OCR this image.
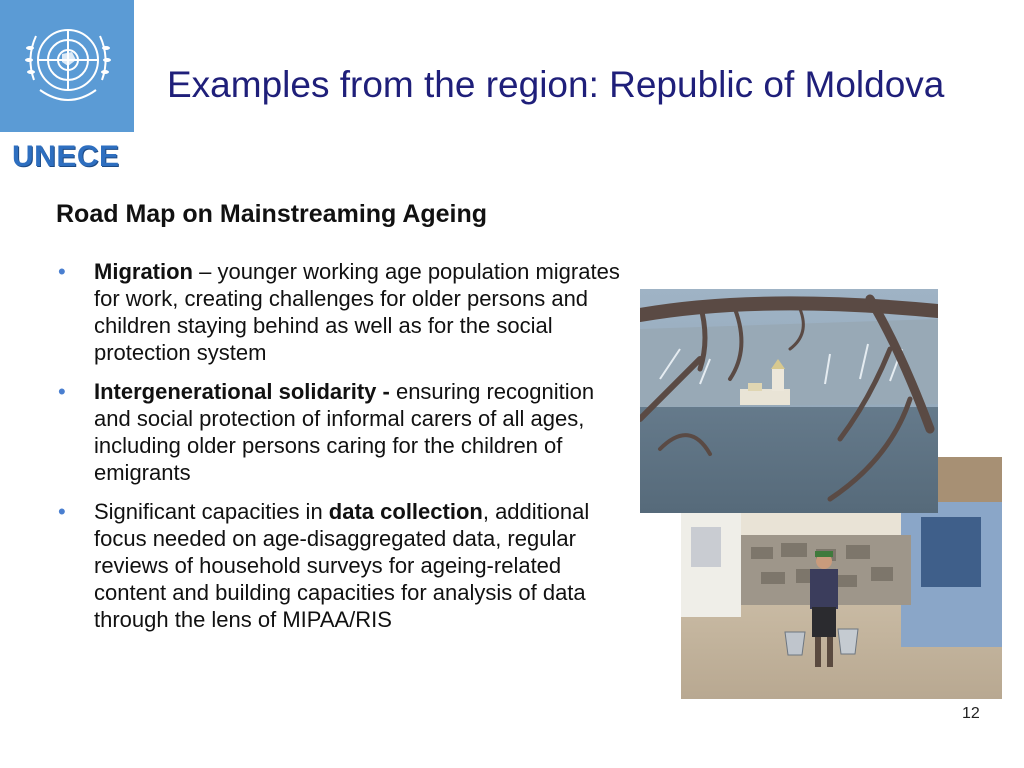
UNECE
Examples from the region: Republic of Moldova
Road Map on Mainstreaming Ageing
• Migration – younger working age population migrates for work, creating challenges for older persons and children staying behind as well as for the social protection system
• Intergenerational solidarity - ensuring recognition and social protection of informal carers of all ages, including older persons caring for the children of emigrants
• Significant capacities in data collection, additional focus needed on age-disaggregated data, regular reviews of household surveys for ageing-related content and building capacities for analysis of data through the lens of MIPAA/RIS
12
